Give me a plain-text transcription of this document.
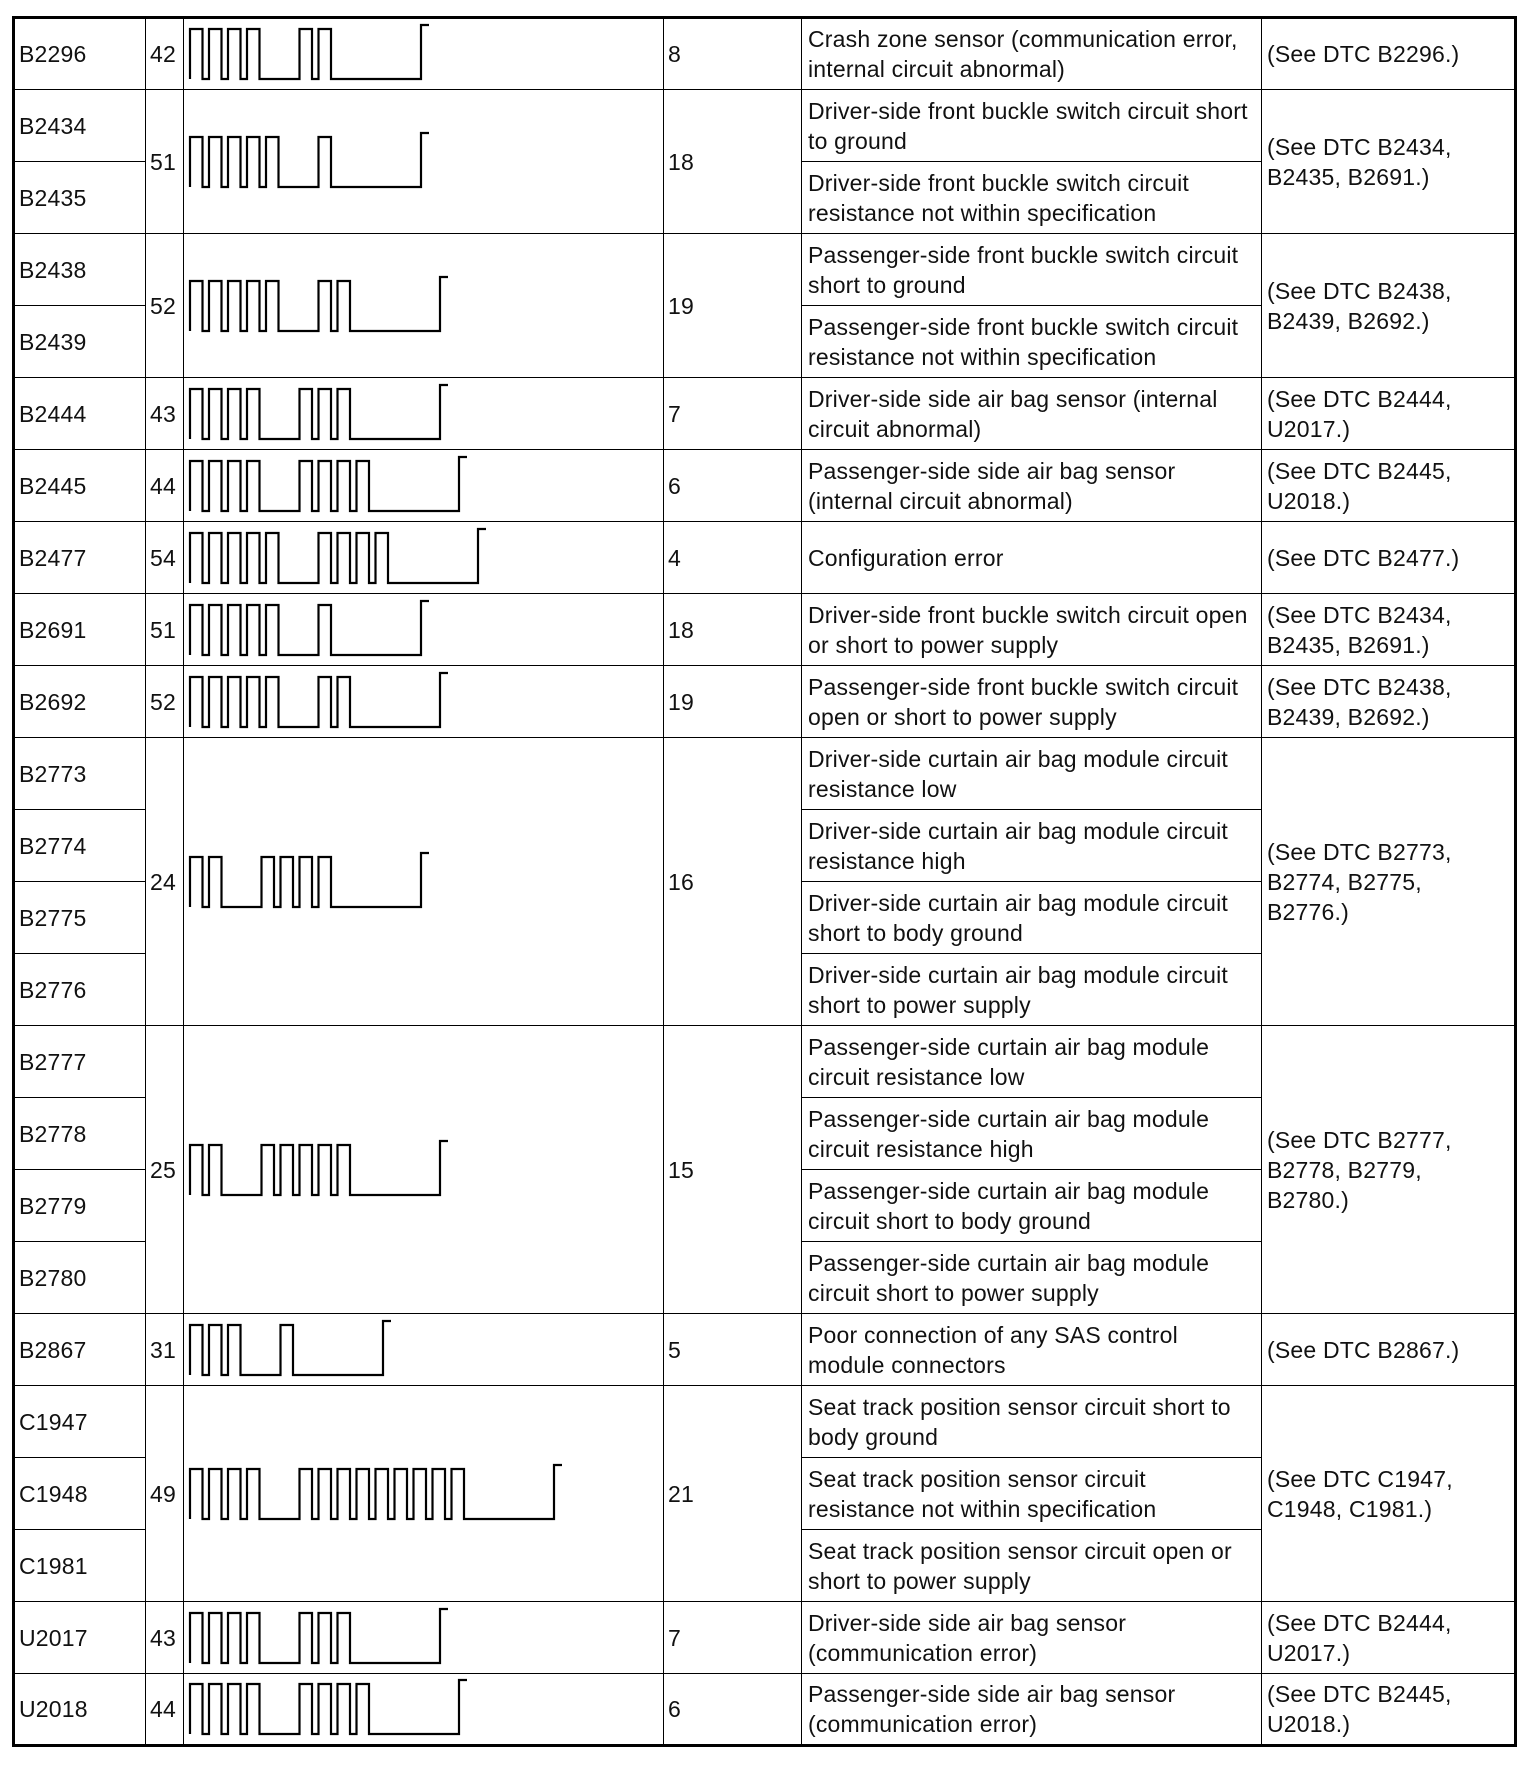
B2296	42		8	Crash zone sensor (communication error, internal circuit abnormal)	(See DTC B2296.)
B2434	51		18	Driver-side front buckle switch circuit short to ground	(See DTC B2434, B2435, B2691.)
B2435				Driver-side front buckle switch circuit resistance not within specification	
B2438	52		19	Passenger-side front buckle switch circuit short to ground	(See DTC B2438, B2439, B2692.)
B2439				Passenger-side front buckle switch circuit resistance not within specification	
B2444	43		7	Driver-side side air bag sensor (internal circuit abnormal)	(See DTC B2444, U2017.)
B2445	44		6	Passenger-side side air bag sensor (internal circuit abnormal)	(See DTC B2445, U2018.)
B2477	54		4	Configuration error	(See DTC B2477.)
B2691	51		18	Driver-side front buckle switch circuit open or short to power supply	(See DTC B2434, B2435, B2691.)
B2692	52		19	Passenger-side front buckle switch circuit open or short to power supply	(See DTC B2438, B2439, B2692.)
B2773	24		16	Driver-side curtain air bag module circuit resistance low	(See DTC B2773, B2774, B2775, B2776.)
B2774				Driver-side curtain air bag module circuit resistance high	
B2775				Driver-side curtain air bag module circuit short to body ground	
B2776				Driver-side curtain air bag module circuit short to power supply	
B2777	25		15	Passenger-side curtain air bag module circuit resistance low	(See DTC B2777, B2778, B2779, B2780.)
B2778				Passenger-side curtain air bag module circuit resistance high	
B2779				Passenger-side curtain air bag module circuit short to body ground	
B2780				Passenger-side curtain air bag module circuit short to power supply	
B2867	31		5	Poor connection of any SAS control module connectors	(See DTC B2867.)
C1947	49		21	Seat track position sensor circuit short to body ground	(See DTC C1947, C1948, C1981.)
C1948				Seat track position sensor circuit resistance not within specification	
C1981				Seat track position sensor circuit open or short to power supply	
U2017	43		7	Driver-side side air bag sensor (communication error)	(See DTC B2444, U2017.)
U2018	44		6	Passenger-side side air bag sensor (communication error)	(See DTC B2445, U2018.)
